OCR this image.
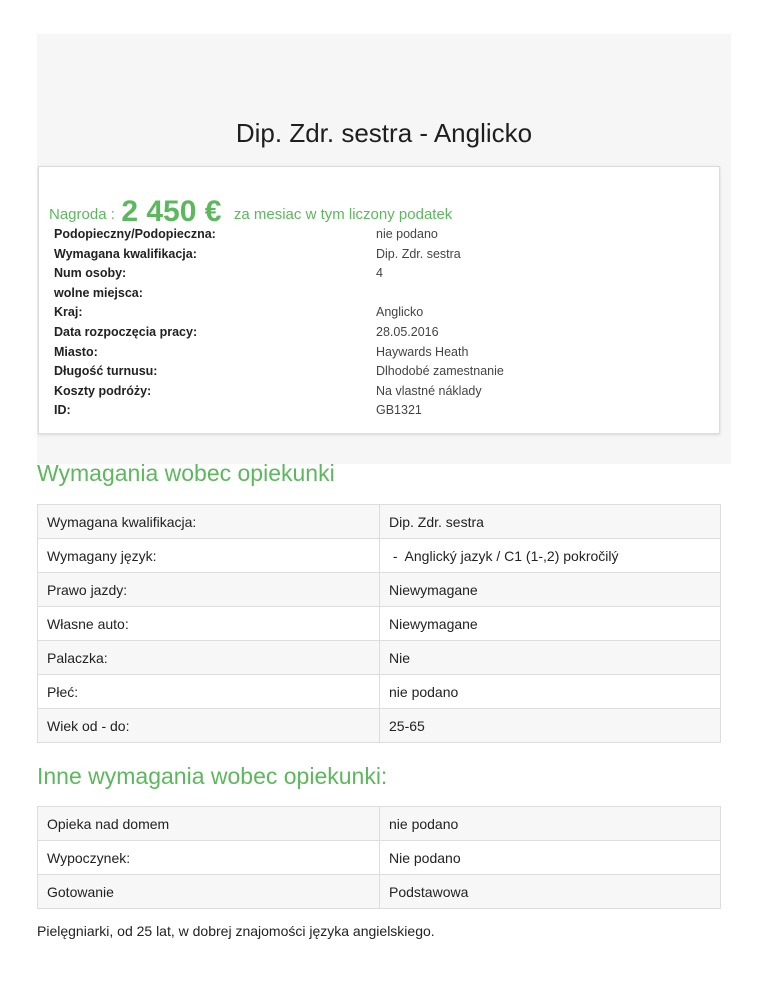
Dip. Zdr. sestra - Anglicko
Nagroda : 2 450 € za mesiac w tym liczony podatek
Podopieczny/Podopieczna:	nie podano
Wymagana kwalifikacja:	Dip. Zdr. sestra
Num osoby:	4
wolne miejsca:
Kraj:	Anglicko
Data rozpoczęcia pracy:	28.05.2016
Miasto:	Haywards Heath
Długość turnusu:	Dlhodobé zamestnanie
Koszty podróży:	Na vlastné náklady
ID:	GB1321
Wymagania wobec opiekunki
Wymagana kwalifikacja:	Dip. Zdr. sestra
Wymagany język:	-  Anglický jazyk / C1 (1-,2) pokročilý
Prawo jazdy:	Niewymagane
Własne auto:	Niewymagane
Palaczka:	Nie
Płeć:	nie podano
Wiek od - do:	25-65
Inne wymagania wobec opiekunki:
Opieka nad domem	nie podano
Wypoczynek:	Nie podano
Gotowanie	Podstawowa
Pielęgniarki, od 25 lat, w dobrej znajomości języka angielskiego.
